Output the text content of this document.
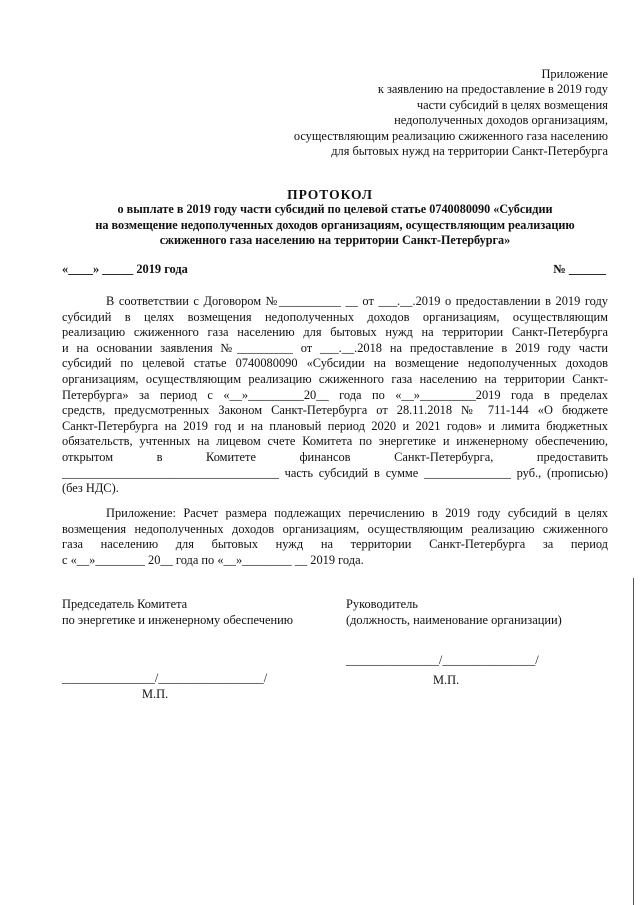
Приложение
к заявлению на предоставление в 2019 году
части субсидий в целях возмещения
недополученных доходов организациям,
осуществляющим реализацию сжиженного газа населению
для бытовых нужд на территории Санкт-Петербурга
ПРОТОКОЛ
о выплате в 2019 году части субсидий по целевой статье 0740080090 «Субсидии
на возмещение недополученных доходов организациям, осуществляющим реализацию
сжиженного газа населению на территории Санкт-Петербурга»
«____» _____ 2019 года	№ ______
В соответствии с Договором №__________ __ от ___.__.2019 о предоставлении в 2019 году
субсидий в целях возмещения недополученных доходов организациям, осуществляющим
реализацию сжиженного газа населению для бытовых нужд на территории Санкт-Петербурга
и на основании заявления №_________ от ___.__.2018 на предоставление в 2019 году части
субсидий по целевой статье 0740080090 «Субсидии на возмещение недополученных доходов
организациям, осуществляющим реализацию сжиженного газа населению на территории Санкт-
Петербурга» за период с «__»_________20__ года по «__»_________2019 года в пределах
средств, предусмотренных Законом Санкт-Петербурга от 28.11.2018 № 711-144 «О бюджете
Санкт-Петербурга на 2019 год и на плановый период 2020 и 2021 годов» и лимита бюджетных
обязательств, учтенных на лицевом счете Комитета по энергетике и инженерному обеспечению,
открытом в Комитете финансов Санкт-Петербурга, предоставить
___________________________________ часть субсидий в сумме ______________ руб., (прописью)
(без НДС).
Приложение: Расчет размера подлежащих перечислению в 2019 году субсидий в целях
возмещения недополученных доходов организациям, осуществляющим реализацию сжиженного
газа населению для бытовых нужд на территории Санкт-Петербурга за период
с «__»________ 20__ года по «__»________ __ 2019 года.
Председатель Комитета
по энергетике и инженерному обеспечению
Руководитель
(должность, наименование организации)
_______________/_______________/
М.П.
_______________/_________________/
М.П.
